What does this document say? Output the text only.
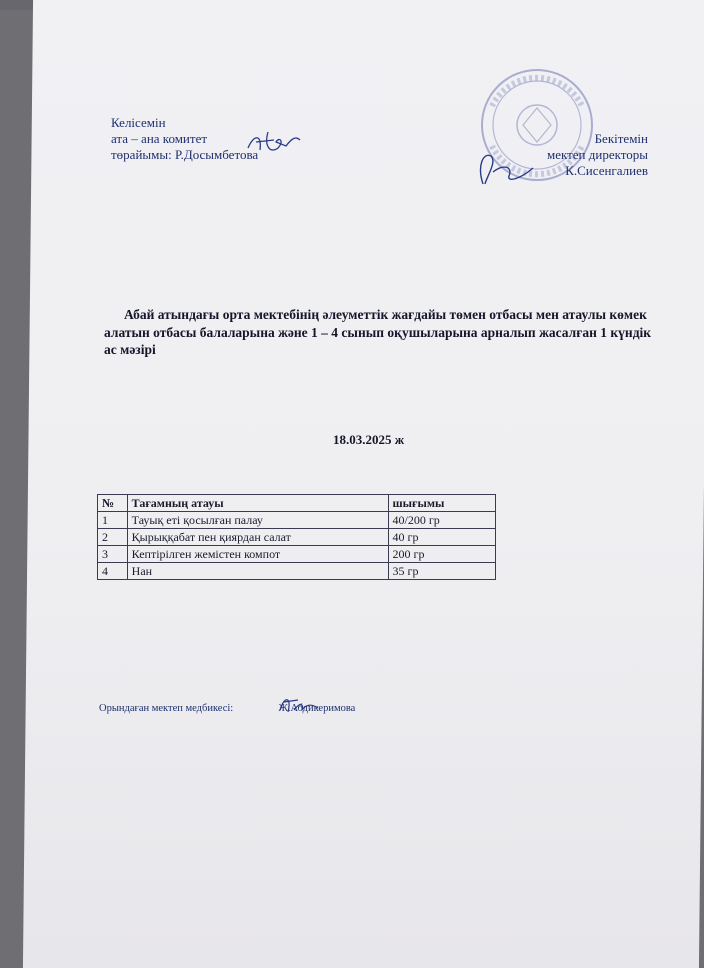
Келісемін
ата – ана комитет
төрайымы: Р.Досымбетова
Бекітемін
мектеп директоры
К.Сисенгалиев
Абай атындағы орта мектебінің әлеуметтік жағдайы төмен отбасы мен атаулы көмек алатын отбасы балаларына және 1 – 4 сынып оқушыларына арналып жасалған 1 күндік ас мәзірі
18.03.2025 ж
№	Тағамның атауы	шығымы
1	Тауық еті қосылған палау	40/200 гр
2	Қырыққабат пен қиярдан салат	40 гр
3	Кептірілген жемістен компот	200 гр
4	Нан	35 гр
Орындаған мектеп медбикесі:	Ж.Абдикеримова
